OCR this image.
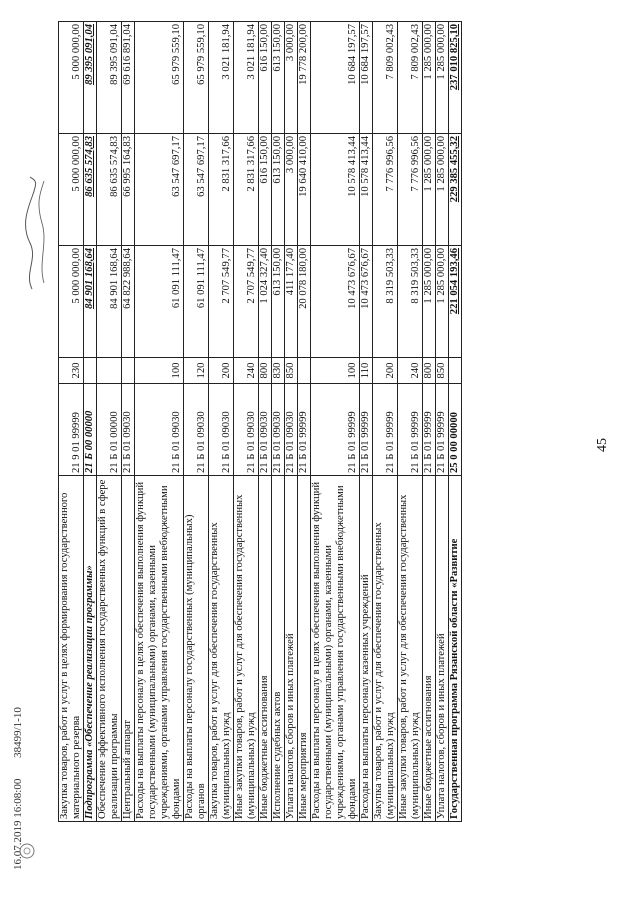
45
Закупка товаров, работ и услуг в целях формирования государственного материального резерва	21 9 01 99999	230	5 000 000,00	5 000 000,00	5 000 000,00
Подпрограмма «Обеспечение реализации программы»	21 Б 00 00000		84 901 168,64	86 635 574,83	89 395 091,04
Обеспечение эффективного исполнения государственных функций в сфере реализации программы	21 Б 01 00000		84 901 168,64	86 635 574,83	89 395 091,04
Центральный аппарат	21 Б 01 09030		64 822 988,64	66 995 164,83	69 616 891,04
Расходы на выплаты персоналу в целях обеспечения выполнения функций государственными (муниципальными) органами, казенными учреждениями, органами управления государственными внебюджетными фондами	21 Б 01 09030	100	61 091 111,47	63 547 697,17	65 979 559,10
Расходы на выплаты персоналу государственных (муниципальных) органов	21 Б 01 09030	120	61 091 111,47	63 547 697,17	65 979 559,10
Закупка товаров, работ и услуг для обеспечения государственных (муниципальных) нужд	21 Б 01 09030	200	2 707 549,77	2 831 317,66	3 021 181,94
Иные закупки товаров, работ и услуг для обеспечения государственных (муниципальных) нужд	21 Б 01 09030	240	2 707 549,77	2 831 317,66	3 021 181,94
Иные бюджетные ассигнования	21 Б 01 09030	800	1 024 327,40	616 150,00	616 150,00
Исполнение судебных актов	21 Б 01 09030	830	613 150,00	613 150,00	613 150,00
Уплата налогов, сборов и иных платежей	21 Б 01 09030	850	411 177,40	3 000,00	3 000,00
Иные мероприятия	21 Б 01 99999		20 078 180,00	19 640 410,00	19 778 200,00
Расходы на выплаты персоналу в целях обеспечения выполнения функций государственными (муниципальными) органами, казенными учреждениями, органами управления государственными внебюджетными фондами	21 Б 01 99999	100	10 473 676,67	10 578 413,44	10 684 197,57
Расходы на выплаты персоналу казенных учреждений	21 Б 01 99999	110	10 473 676,67	10 578 413,44	10 684 197,57
Закупка товаров, работ и услуг для обеспечения государственных (муниципальных) нужд	21 Б 01 99999	200	8 319 503,33	7 776 996,56	7 809 002,43
Иные закупки товаров, работ и услуг для обеспечения государственных (муниципальных) нужд	21 Б 01 99999	240	8 319 503,33	7 776 996,56	7 809 002,43
Иные бюджетные ассигнования	21 Б 01 99999	800	1 285 000,00	1 285 000,00	1 285 000,00
Уплата налогов, сборов и иных платежей	21 Б 01 99999	850	1 285 000,00	1 285 000,00	1 285 000,00
Государственная программа Рязанской области «Развитие	25 0 00 00000		221 054 193,46	229 385 455,32	237 010 825,10
16.07.2019 16:08:00 38499/1-10
